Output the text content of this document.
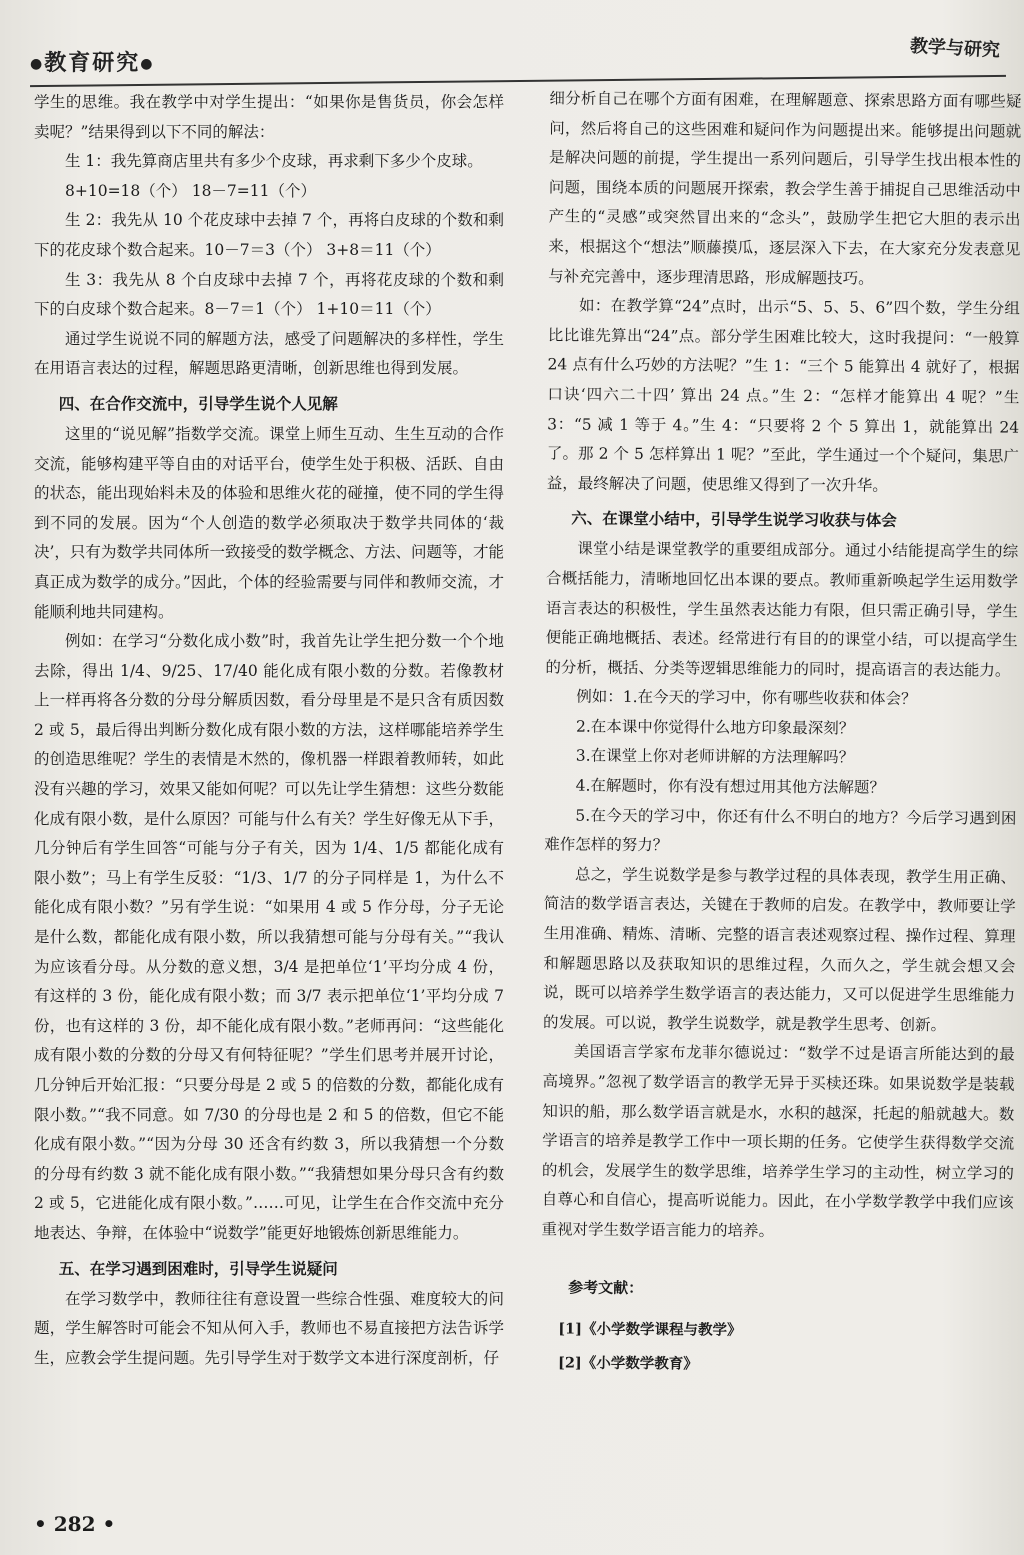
●教育研究●
教学与研究

学生的思维。我在教学中对学生提出：“如果你是售货员，你会怎样卖呢？”结果得到以下不同的解法：

生 1：我先算商店里共有多少个皮球，再求剩下多少个皮球。

8+10=18（个） 18－7=11（个）

生 2：我先从 10 个花皮球中去掉 7 个，再将白皮球的个数和剩下的花皮球个数合起来。10－7＝3（个） 3+8＝11（个）

生 3：我先从 8 个白皮球中去掉 7 个，再将花皮球的个数和剩下的白皮球个数合起来。8－7＝1（个） 1+10＝11（个）

通过学生说说不同的解题方法，感受了问题解决的多样性，学生在用语言表达的过程，解题思路更清晰，创新思维也得到发展。

四、在合作交流中，引导学生说个人见解

这里的“说见解”指数学交流。课堂上师生互动、生生互动的合作交流，能够构建平等自由的对话平台，使学生处于积极、活跃、自由的状态，能出现始料未及的体验和思维火花的碰撞，使不同的学生得到不同的发展。因为“个人创造的数学必须取决于数学共同体的‘裁决’，只有为数学共同体所一致接受的数学概念、方法、问题等，才能真正成为数学的成分。”因此，个体的经验需要与同伴和教师交流，才能顺利地共同建构。

例如：在学习“分数化成小数”时，我首先让学生把分数一个个地去除，得出 1/4、9/25、17/40 能化成有限小数的分数。若像教材上一样再将各分数的分母分解质因数，看分母里是不是只含有质因数 2 或 5，最后得出判断分数化成有限小数的方法，这样哪能培养学生的创造思维呢？学生的表情是木然的，像机器一样跟着教师转，如此没有兴趣的学习，效果又能如何呢？可以先让学生猜想：这些分数能化成有限小数，是什么原因？可能与什么有关？学生好像无从下手，几分钟后有学生回答“可能与分子有关，因为 1/4、1/5 都能化成有限小数”；马上有学生反驳：“1/3、1/7 的分子同样是 1，为什么不能化成有限小数？”另有学生说：“如果用 4 或 5 作分母，分子无论是什么数，都能化成有限小数，所以我猜想可能与分母有关。”“我认为应该看分母。从分数的意义想，3/4 是把单位‘1’平均分成 4 份，有这样的 3 份，能化成有限小数；而 3/7 表示把单位‘1’平均分成 7 份，也有这样的 3 份，却不能化成有限小数。”老师再问：“这些能化成有限小数的分数的分母又有何特征呢？”学生们思考并展开讨论，几分钟后开始汇报：“只要分母是 2 或 5 的倍数的分数，都能化成有限小数。”“我不同意。如 7/30 的分母也是 2 和 5 的倍数，但它不能化成有限小数。”“因为分母 30 还含有约数 3，所以我猜想一个分数的分母有约数 3 就不能化成有限小数。”“我猜想如果分母只含有约数 2 或 5，它进能化成有限小数。”……可见，让学生在合作交流中充分地表达、争辩，在体验中“说数学”能更好地锻炼创新思维能力。

五、在学习遇到困难时，引导学生说疑问

在学习数学中，教师往往有意设置一些综合性强、难度较大的问题，学生解答时可能会不知从何入手，教师也不易直接把方法告诉学生，应教会学生提问题。先引导学生对于数学文本进行深度剖析，仔

细分析自己在哪个方面有困难，在理解题意、探索思路方面有哪些疑问，然后将自己的这些困难和疑问作为问题提出来。能够提出问题就是解决问题的前提，学生提出一系列问题后，引导学生找出根本性的问题，围绕本质的问题展开探索，教会学生善于捕捉自己思维活动中产生的“灵感”或突然冒出来的“念头”，鼓励学生把它大胆的表示出来，根据这个“想法”顺藤摸瓜，逐层深入下去，在大家充分发表意见与补充完善中，逐步理清思路，形成解题技巧。

如：在教学算“24”点时，出示“5、5、5、6”四个数，学生分组比比谁先算出“24”点。部分学生困难比较大，这时我提问：“一般算 24 点有什么巧妙的方法呢？”生 1：“三个 5 能算出 4 就好了，根据口诀‘四六二十四’ 算出 24 点。”生 2：“怎样才能算出 4 呢？”生 3：“5 减 1 等于 4。”生 4：“只要将 2 个 5 算出 1，就能算出 24 了。那 2 个 5 怎样算出 1 呢？”至此，学生通过一个个疑问，集思广益，最终解决了问题，使思维又得到了一次升华。

六、在课堂小结中，引导学生说学习收获与体会

课堂小结是课堂教学的重要组成部分。通过小结能提高学生的综合概括能力，清晰地回忆出本课的要点。教师重新唤起学生运用数学语言表达的积极性，学生虽然表达能力有限，但只需正确引导，学生便能正确地概括、表述。经常进行有目的的课堂小结，可以提高学生的分析，概括、分类等逻辑思维能力的同时，提高语言的表达能力。

例如：1.在今天的学习中，你有哪些收获和体会？

2.在本课中你觉得什么地方印象最深刻？

3.在课堂上你对老师讲解的方法理解吗？

4.在解题时，你有没有想过用其他方法解题？

5.在今天的学习中，你还有什么不明白的地方？今后学习遇到困难作怎样的努力？

总之，学生说数学是参与教学过程的具体表现，教学生用正确、简洁的数学语言表达，关键在于教师的启发。在教学中，教师要让学生用准确、精炼、清晰、完整的语言表述观察过程、操作过程、算理和解题思路以及获取知识的思维过程，久而久之，学生就会想又会说，既可以培养学生数学语言的表达能力，又可以促进学生思维能力的发展。可以说，教学生说数学，就是教学生思考、创新。

美国语言学家布龙菲尔德说过：“数学不过是语言所能达到的最高境界。”忽视了数学语言的教学无异于买椟还珠。如果说数学是装载知识的船，那么数学语言就是水，水积的越深，托起的船就越大。数学语言的培养是教学工作中一项长期的任务。它使学生获得数学交流的机会，发展学生的数学思维，培养学生学习的主动性，树立学习的自尊心和自信心，提高听说能力。因此，在小学数学教学中我们应该重视对学生数学语言能力的培养。

参考文献：

[1]《小学数学课程与教学》

[2]《小学数学教育》

• 282 •
